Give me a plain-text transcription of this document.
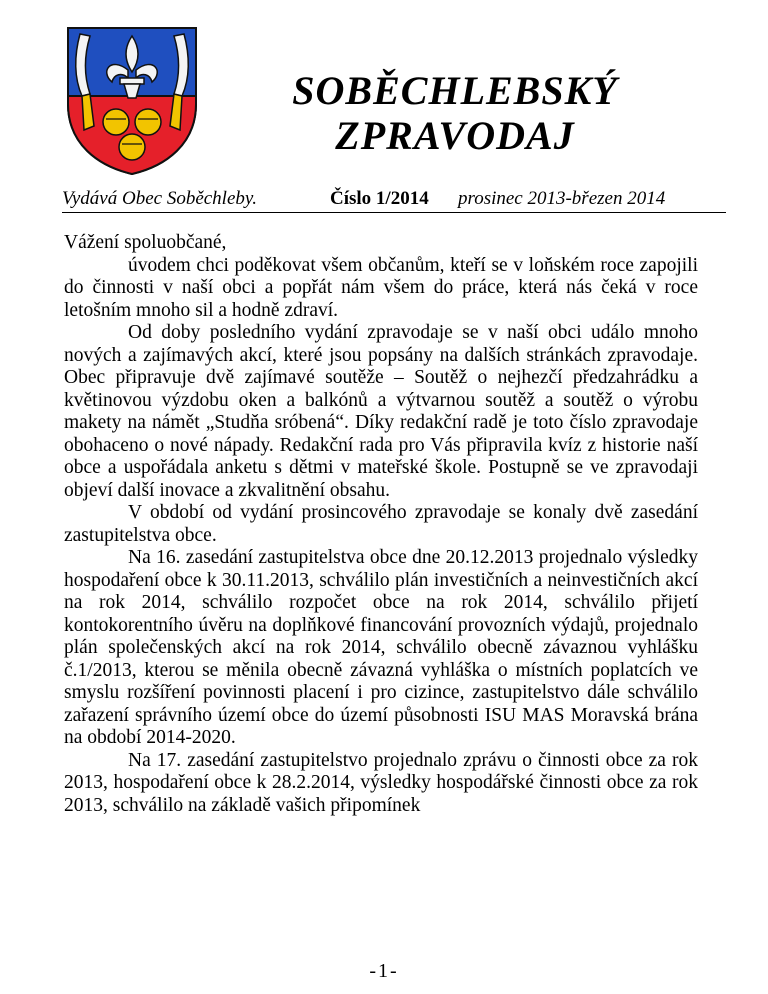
SOBĚCHLEBSKÝ
ZPRAVODAJ
Vydává Obec Soběchleby.	Číslo 1/2014 prosinec 2013-březen 2014

Vážení spoluobčané,

úvodem chci poděkovat všem občanům, kteří se v loňském roce zapojili do činnosti v naší obci a popřát nám všem do práce, která nás čeká v roce letošním mnoho sil a hodně zdraví.

Od doby posledního vydání zpravodaje se v naší obci událo mnoho nových a zajímavých akcí, které jsou popsány na dalších stránkách zpravodaje. Obec připravuje dvě zajímavé soutěže – Soutěž o nejhezčí předzahrádku a květinovou výzdobu oken a balkónů a výtvarnou soutěž a soutěž o výrobu makety na námět „Studňa sróbená“. Díky redakční radě je toto číslo zpravodaje obohaceno o nové nápady. Redakční rada pro Vás připravila kvíz z historie naší obce a uspořádala anketu s dětmi v mateřské škole. Postupně se ve zpravodaji objeví další inovace a zkvalitnění obsahu.

V období od vydání prosincového zpravodaje se konaly dvě zasedání zastupitelstva obce.

Na 16. zasedání zastupitelstva obce dne 20.12.2013 projednalo výsledky hospodaření obce k 30.11.2013, schválilo plán investičních a neinvestičních akcí na rok 2014, schválilo rozpočet obce na rok 2014, schválilo přijetí kontokorentního úvěru na doplňkové financování provozních výdajů, projednalo plán společenských akcí na rok 2014, schválilo obecně závaznou vyhlášku č.1/2013, kterou se měnila obecně závazná vyhláška o místních poplatcích ve smyslu rozšíření povinnosti placení i pro cizince, zastupitelstvo dále schválilo zařazení správního území obce do území působnosti ISU MAS Moravská brána na období 2014-2020.

Na 17. zasedání zastupitelstvo projednalo zprávu o činnosti obce za rok 2013, hospodaření obce k 28.2.2014, výsledky hospodářské činnosti obce za rok 2013, schválilo na základě vašich připomínek

-1-
